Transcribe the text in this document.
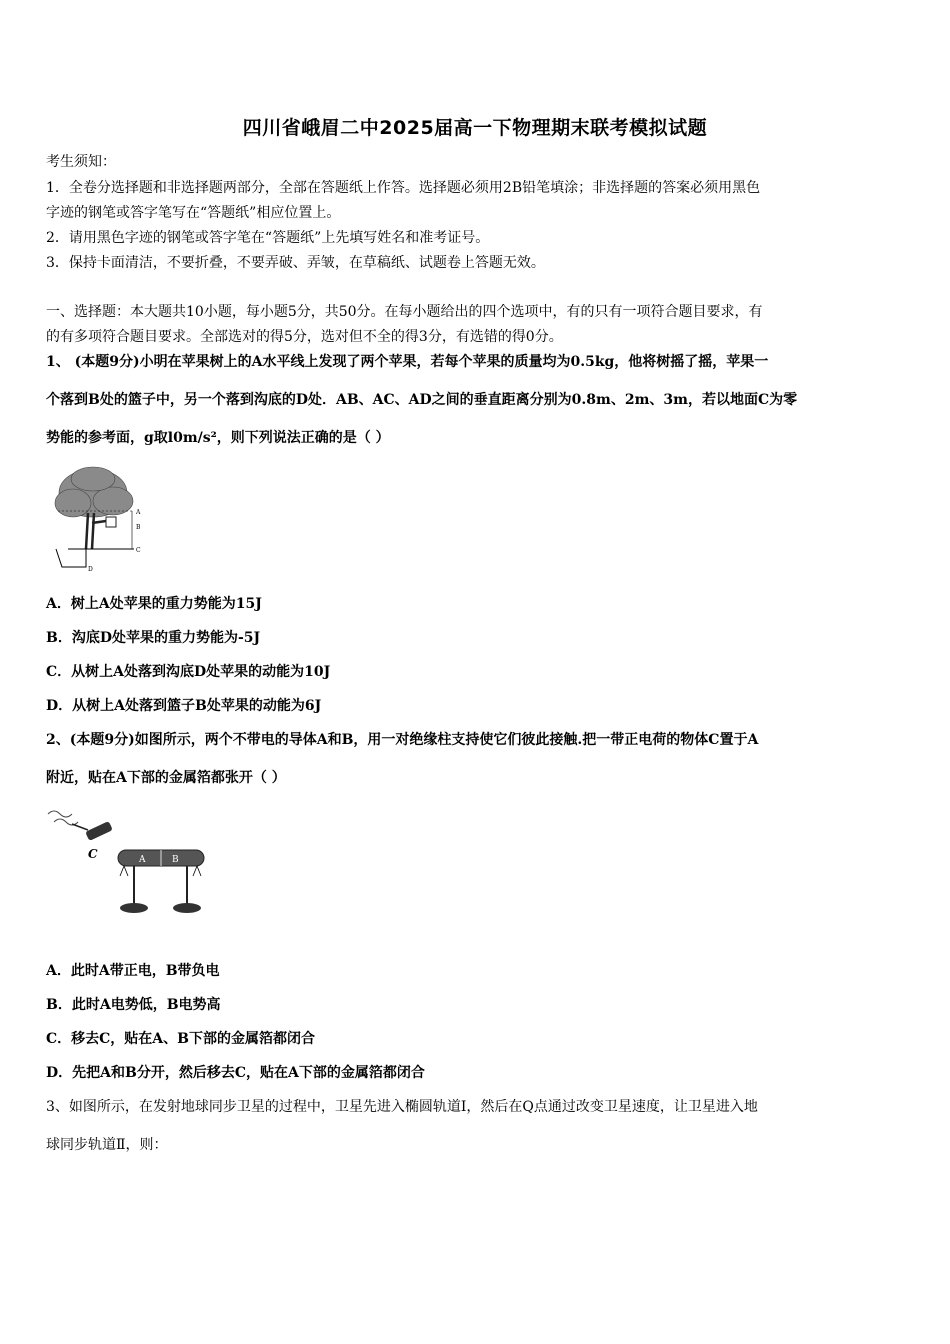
四川省峨眉二中2025届高一下物理期末联考模拟试题
考生须知：
1．全卷分选择题和非选择题两部分，全部在答题纸上作答。选择题必须用2B铅笔填涂；非选择题的答案必须用黑色
字迹的钢笔或答字笔写在“答题纸”相应位置上。
2．请用黑色字迹的钢笔或答字笔在“答题纸”上先填写姓名和准考证号。
3．保持卡面清洁，不要折叠，不要弄破、弄皱，在草稿纸、试题卷上答题无效。
一、选择题：本大题共10小题，每小题5分，共50分。在每小题给出的四个选项中，有的只有一项符合题目要求，有
的有多项符合题目要求。全部选对的得5分，选对但不全的得3分，有选错的得0分。
1、 (本题9分)小明在苹果树上的A水平线上发现了两个苹果，若每个苹果的质量均为0.5kg，他将树摇了摇，苹果一
个落到B处的篮子中，另一个落到沟底的D处．AB、AC、AD之间的垂直距离分别为0.8m、2m、3m，若以地面C为零
势能的参考面，g取l0m/s²，则下列说法正确的是（ ）
A
B
C
D
A．树上A处苹果的重力势能为15J
B．沟底D处苹果的重力势能为-5J
C．从树上A处落到沟底D处苹果的动能为10J
D．从树上A处落到篮子B处苹果的动能为6J
2、(本题9分)如图所示，两个不带电的导体A和B，用一对绝缘柱支持使它们彼此接触.把一带正电荷的物体C置于A
附近，贴在A下部的金属箔都张开（ ）
C	A	B
A．此时A带正电，B带负电
B．此时A电势低，B电势高
C．移去C，贴在A、B下部的金属箔都闭合
D．先把A和B分开，然后移去C，贴在A下部的金属箔都闭合
3、如图所示，在发射地球同步卫星的过程中，卫星先进入椭圆轨道Ⅰ，然后在Q点通过改变卫星速度，让卫星进入地
球同步轨道Ⅱ，则：
